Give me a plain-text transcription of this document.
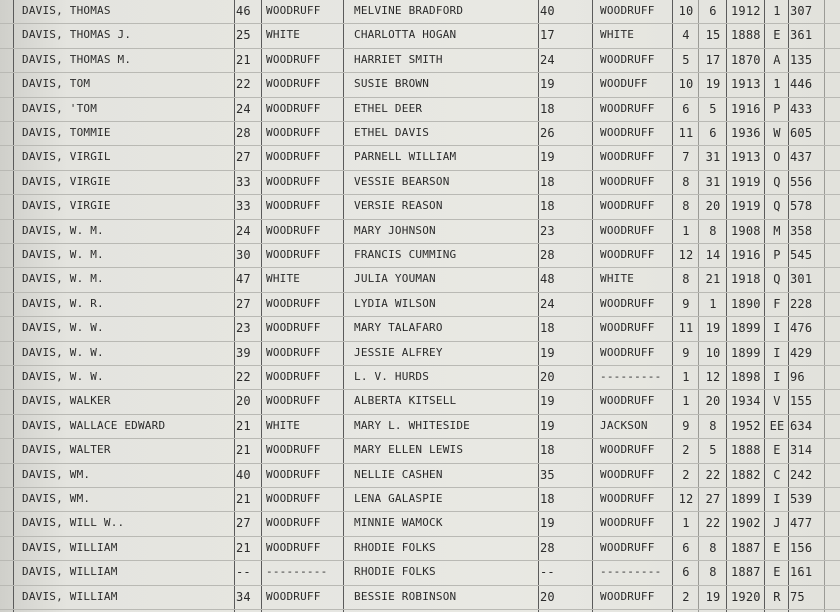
DAVIS, THOMAS	46	WOODRUFF	MELVINE BRADFORD	40	WOODRUFF 10	6	1912	1 307
DAVIS, THOMAS J.	25	WHITE	CHARLOTTA HOGAN	17	WHITE	4	15 1888	E 361
DAVIS, THOMAS M.	21	WOODRUFF	HARRIET SMITH	24	WOODRUFF	5	17 1870	A 135
DAVIS, TOM	22	WOODRUFF	SUSIE BROWN	19	WOODUFF	10 19 1913	1 446
DAVIS, 'TOM	24	WOODRUFF	ETHEL DEER	18	WOODRUFF	6	5	1916	P 433
DAVIS, TOMMIE	28	WOODRUFF	ETHEL DAVIS	26	WOODRUFF 11	6	1936	W 605
DAVIS, VIRGIL	27	WOODRUFF	PARNELL WILLIAM	19	WOODRUFF	7	31 1913	O 437
DAVIS, VIRGIE	33	WOODRUFF	VESSIE BEARSON	18	WOODRUFF	8	31 1919	Q 556
DAVIS, VIRGIE	33	WOODRUFF	VERSIE REASON	18	WOODRUFF	8	20 1919	Q 578
DAVIS, W. M.	24	WOODRUFF	MARY JOHNSON	23	WOODRUFF	1	8	1908	M 358
DAVIS, W. M.	30	WOODRUFF	FRANCIS CUMMING	28	WOODRUFF 12 14 1916	P 545
DAVIS, W. M.	47	WHITE	JULIA YOUMAN	48	WHITE	8	21 1918	Q 301
DAVIS, W. R.	27	WOODRUFF	LYDIA WILSON	24	WOODRUFF	9	1	1890	F 228
DAVIS, W. W.	23	WOODRUFF	MARY TALAFARO	18	WOODRUFF 11 19 1899	I 476
DAVIS, W. W.	39	WOODRUFF	JESSIE ALFREY	19	WOODRUFF	9	10 1899	I 429
DAVIS, W. W.	22	WOODRUFF	L. V. HURDS	20	---------	1	12 1898	I 96
DAVIS, WALKER	20	WOODRUFF	ALBERTA KITSELL	19	WOODRUFF	1	20 1934	V 155
DAVIS, WALLACE EDWARD	21	WHITE	MARY L. WHITESIDE	19	JACKSON	9	8	1952 EE 634
DAVIS, WALTER	21	WOODRUFF	MARY ELLEN LEWIS	18	WOODRUFF	2	5	1888	E 314
DAVIS, WM.	40	WOODRUFF	NELLIE CASHEN	35	WOODRUFF	2	22 1882	C 242
DAVIS, WM.	21	WOODRUFF	LENA GALASPIE	18	WOODRUFF 12 27 1899	I 539
DAVIS, WILL W..	27	WOODRUFF	MINNIE WAMOCK	19	WOODRUFF	1	22 1902	J 477
DAVIS, WILLIAM	21	WOODRUFF	RHODIE FOLKS	28	WOODRUFF	6	8	1887	E 156
DAVIS, WILLIAM	--	--------- RHODIE FOLKS	--	---------	6	8	1887	E 161
DAVIS, WILLIAM	34	WOODRUFF	BESSIE ROBINSON	20	WOODRUFF	2	19 1920	R 75
